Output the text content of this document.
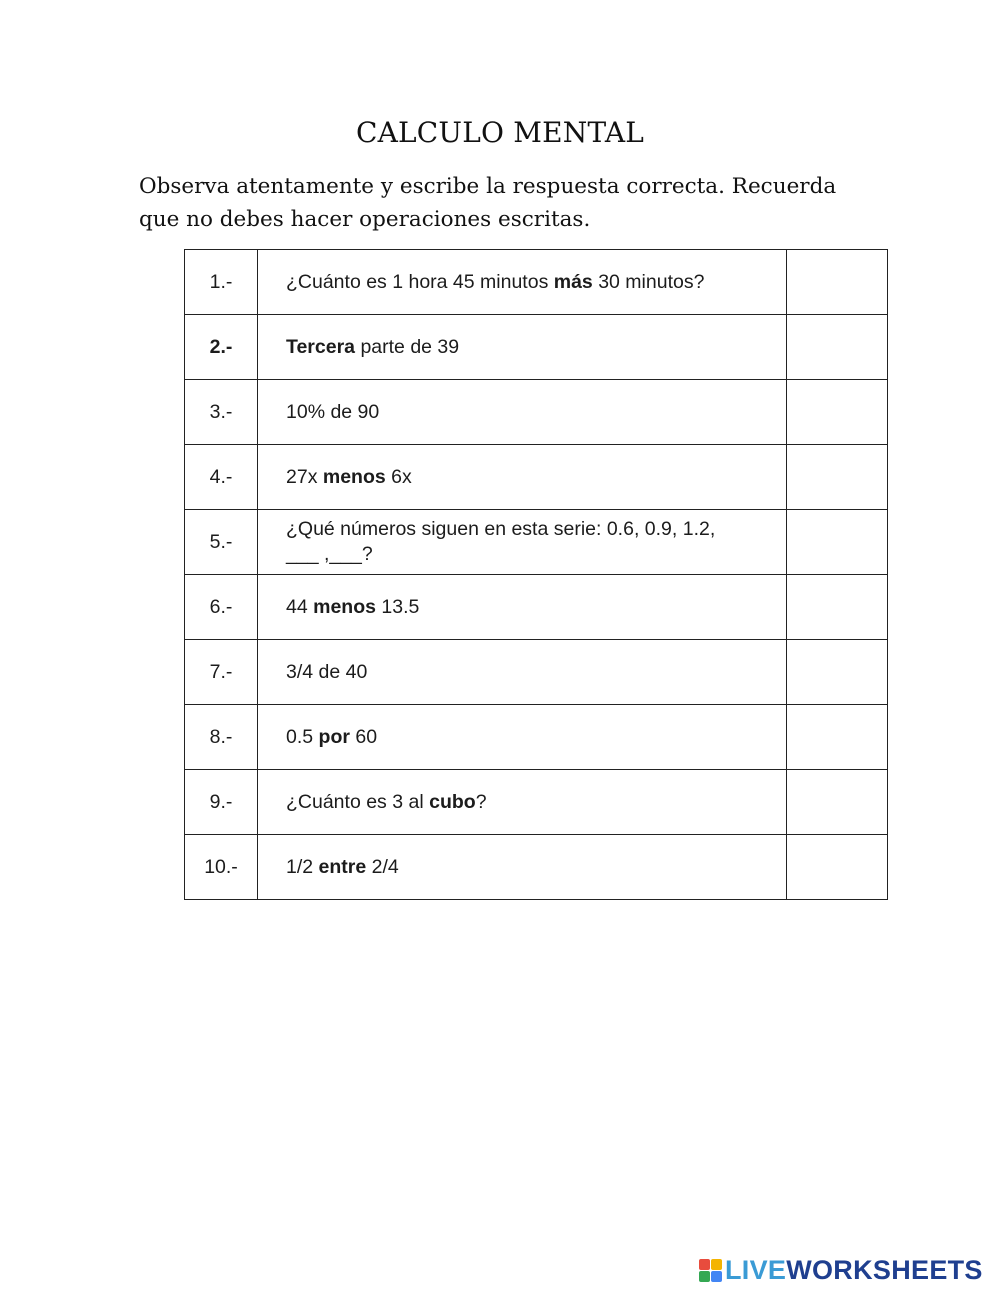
CALCULO MENTAL
Observa atentamente y escribe la respuesta correcta. Recuerda
que no debes hacer operaciones escritas.
1.-	¿Cuánto es 1 hora 45 minutos más 30 minutos?	
2.-	Tercera parte de 39	
3.-	10% de 90	
4.-	27x menos 6x	
5.-	¿Qué números siguen en esta serie: 0.6, 0.9, 1.2,
___ ,___?	

6.-	44 menos 13.5	
7.-	3/4 de 40	
8.-	0.5 por 60	
9.-	¿Cuánto es 3 al cubo?	
10.-	1/2 entre 2/4	
LIVEWORKSHEETS
